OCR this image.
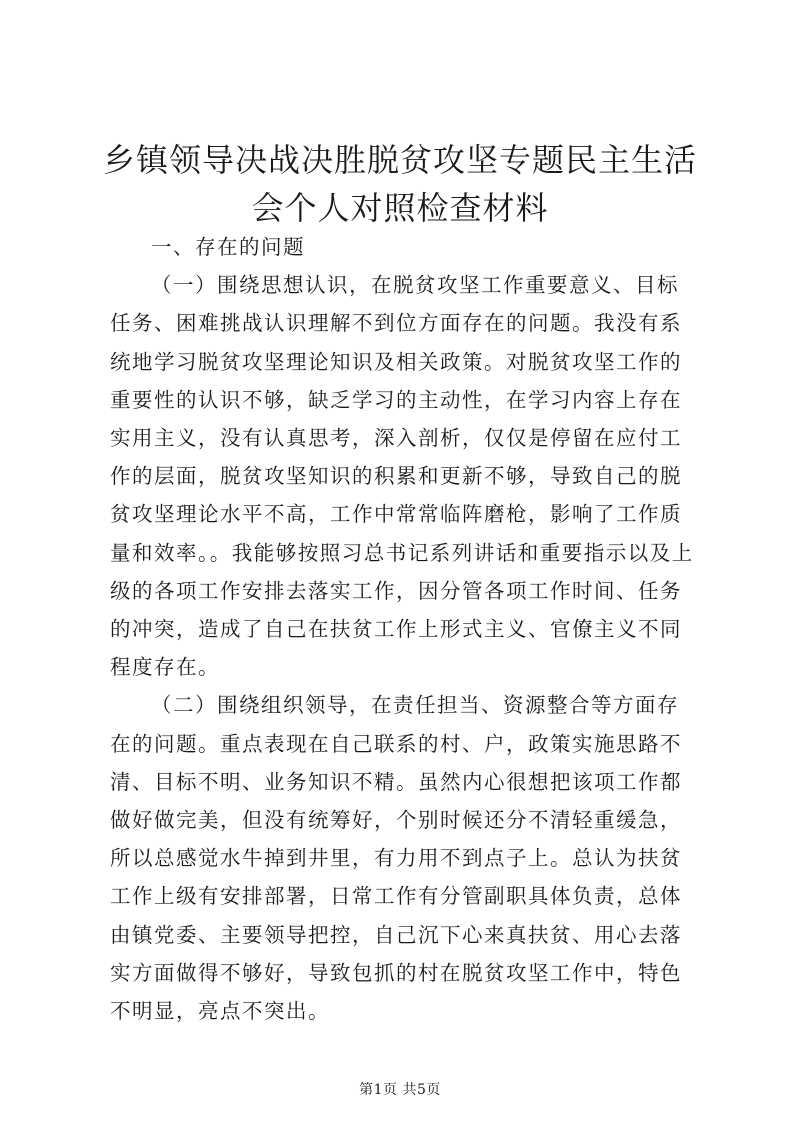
乡镇领导决战决胜脱贫攻坚专题民主生活会个人对照检查材料

一、存在的问题

（一）围绕思想认识，在脱贫攻坚工作重要意义、目标任务、困难挑战认识理解不到位方面存在的问题。我没有系统地学习脱贫攻坚理论知识及相关政策。对脱贫攻坚工作的重要性的认识不够，缺乏学习的主动性，在学习内容上存在实用主义，没有认真思考，深入剖析，仅仅是停留在应付工作的层面，脱贫攻坚知识的积累和更新不够，导致自己的脱贫攻坚理论水平不高，工作中常常临阵磨枪，影响了工作质量和效率。。我能够按照习总书记系列讲话和重要指示以及上级的各项工作安排去落实工作，因分管各项工作时间、任务的冲突，造成了自己在扶贫工作上形式主义、官僚主义不同程度存在。

（二）围绕组织领导，在责任担当、资源整合等方面存在的问题。重点表现在自己联系的村、户，政策实施思路不清、目标不明、业务知识不精。虽然内心很想把该项工作都做好做完美，但没有统筹好，个别时候还分不清轻重缓急，所以总感觉水牛掉到井里，有力用不到点子上。总认为扶贫工作上级有安排部署，日常工作有分管副职具体负责，总体由镇党委、主要领导把控，自己沉下心来真扶贫、用心去落实方面做得不够好，导致包抓的村在脱贫攻坚工作中，特色不明显，亮点不突出。

第1页 共5页
